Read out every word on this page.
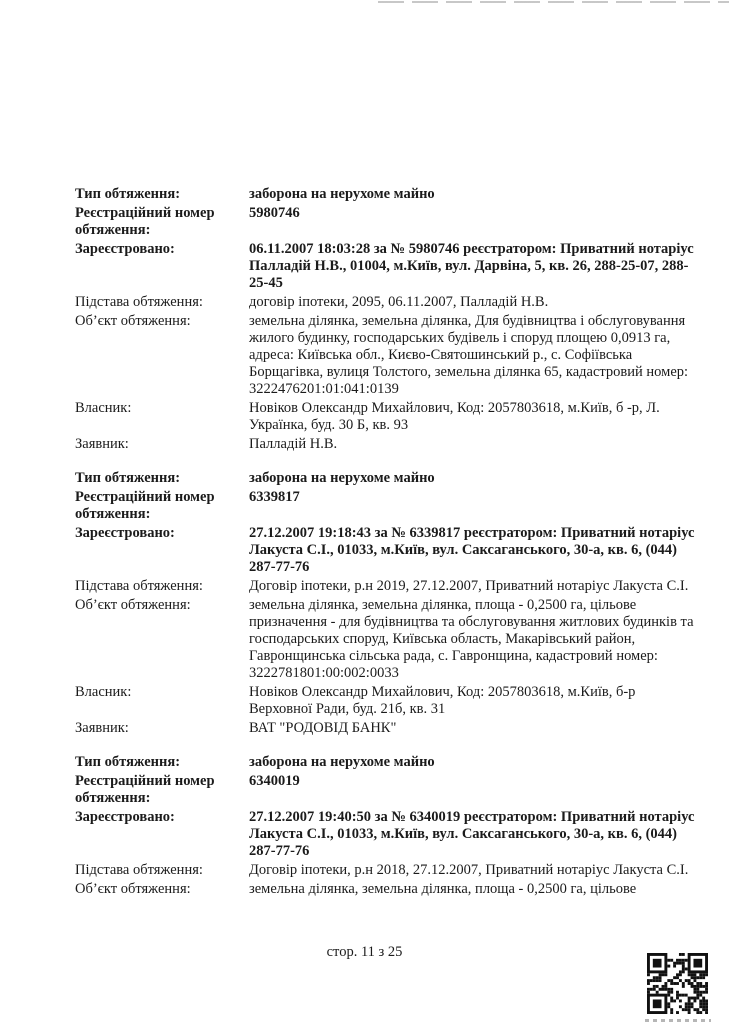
Тип обтяження:	заборона на нерухоме майно
Реєстраційний номер обтяження:
5980746
Зареєстровано:	06.11.2007 18:03:28 за № 5980746 реєстратором: Приватний нотаріус Палладій Н.В., 01004, м.Київ, вул. Дарвіна, 5, кв. 26, 288-25-07, 288-25-45
Підстава обтяження:	договір іпотеки, 2095, 06.11.2007, Палладій Н.В.
Об’єкт обтяження:	земельна ділянка, земельна ділянка, Для будівництва і обслуговування жилого будинку, господарських будівель і споруд площею 0,0913 га, адреса: Київська обл., Києво-Святошинський р., с. Софіївська Борщагівка, вулиця Толстого, земельна ділянка 65, кадастровий номер: 3222476201:01:041:0139
Власник:	Новіков Олександр Михайлович, Код: 2057803618, м.Київ, б -р, Л. Українка, буд. 30 Б, кв. 93
Заявник:	Палладій Н.В.
Тип обтяження:	заборона на нерухоме майно
Реєстраційний номер обтяження:
6339817
Зареєстровано:	27.12.2007 19:18:43 за № 6339817 реєстратором: Приватний нотаріус Лакуста С.І., 01033, м.Київ, вул. Саксаганського, 30-а, кв. 6, (044) 287-77-76
Підстава обтяження:	Договір іпотеки, р.н 2019, 27.12.2007, Приватний нотаріус Лакуста С.І.
Об’єкт обтяження:	земельна ділянка, земельна ділянка, площа - 0,2500 га, цільове призначення - для будівництва та обслуговування житлових будинків та господарських споруд, Київська область, Макарівський район, Гавронщинська сільська рада, с. Гавронщина, кадастровий номер: 3222781801:00:002:0033
Власник:	Новіков Олександр Михайлович, Код: 2057803618, м.Київ, б-р Верховної Ради, буд. 21б, кв. 31
Заявник:	ВАТ "РОДОВІД БАНК"
Тип обтяження:	заборона на нерухоме майно
Реєстраційний номер обтяження:
6340019
Зареєстровано:	27.12.2007 19:40:50 за № 6340019 реєстратором: Приватний нотаріус Лакуста С.І., 01033, м.Київ, вул. Саксаганського, 30-а, кв. 6, (044) 287-77-76
Підстава обтяження:	Договір іпотеки, р.н 2018, 27.12.2007, Приватний нотаріус Лакуста С.І.
Об’єкт обтяження:	земельна ділянка, земельна ділянка, площа - 0,2500 га, цільове
стор. 11 з 25
